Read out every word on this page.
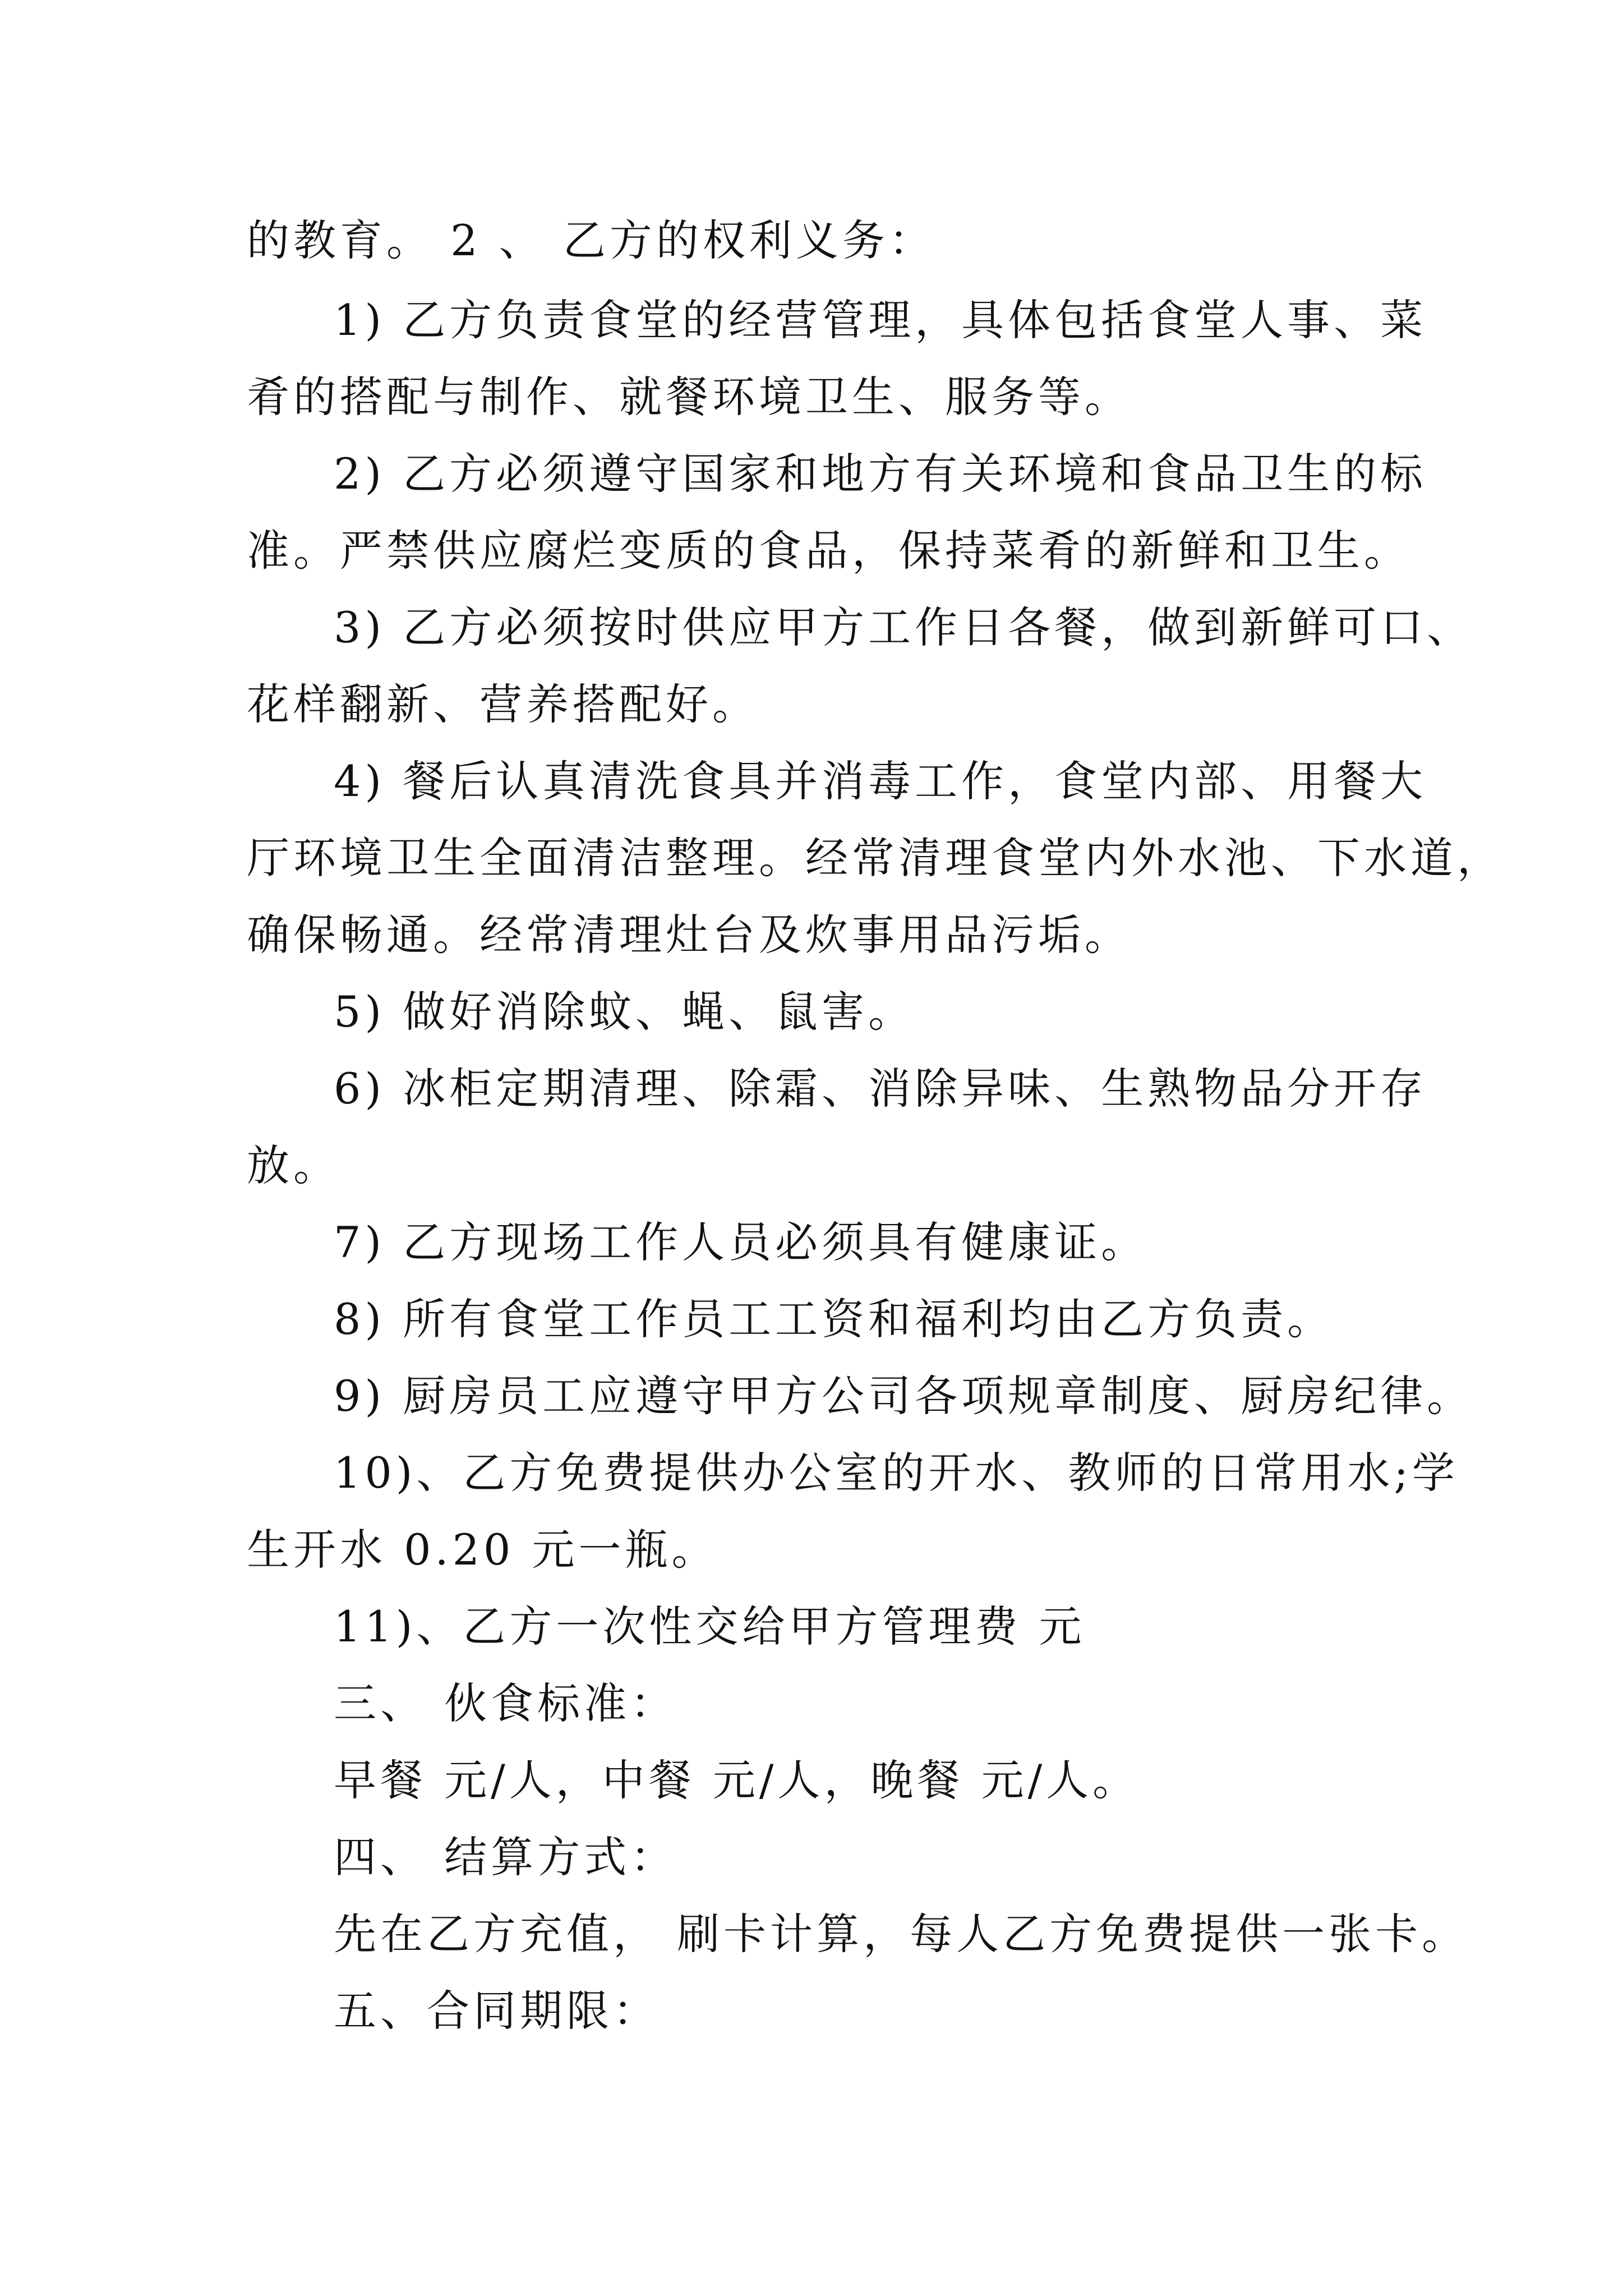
的教育。 2 、 乙方的权利义务：
1) 乙方负责食堂的经营管理，具体包括食堂人事、菜
肴的搭配与制作、就餐环境卫生、服务等。
2) 乙方必须遵守国家和地方有关环境和食品卫生的标
准。严禁供应腐烂变质的食品，保持菜肴的新鲜和卫生。
3) 乙方必须按时供应甲方工作日各餐，做到新鲜可口、
花样翻新、营养搭配好。
4) 餐后认真清洗食具并消毒工作，食堂内部、用餐大
厅环境卫生全面清洁整理。经常清理食堂内外水池、下水道，
确保畅通。经常清理灶台及炊事用品污垢。
5) 做好消除蚊、蝇、鼠害。
6) 冰柜定期清理、除霜、消除异味、生熟物品分开存
放。
7) 乙方现场工作人员必须具有健康证。
8) 所有食堂工作员工工资和福利均由乙方负责。
9) 厨房员工应遵守甲方公司各项规章制度、厨房纪律。
10)、乙方免费提供办公室的开水、教师的日常用水;学
生开水 0.20 元一瓶。
11)、乙方一次性交给甲方管理费 元
三、 伙食标准：
早餐 元/人，中餐 元/人，晚餐 元/人。
四、 结算方式：
先在乙方充值， 刷卡计算，每人乙方免费提供一张卡。
五、合同期限：
